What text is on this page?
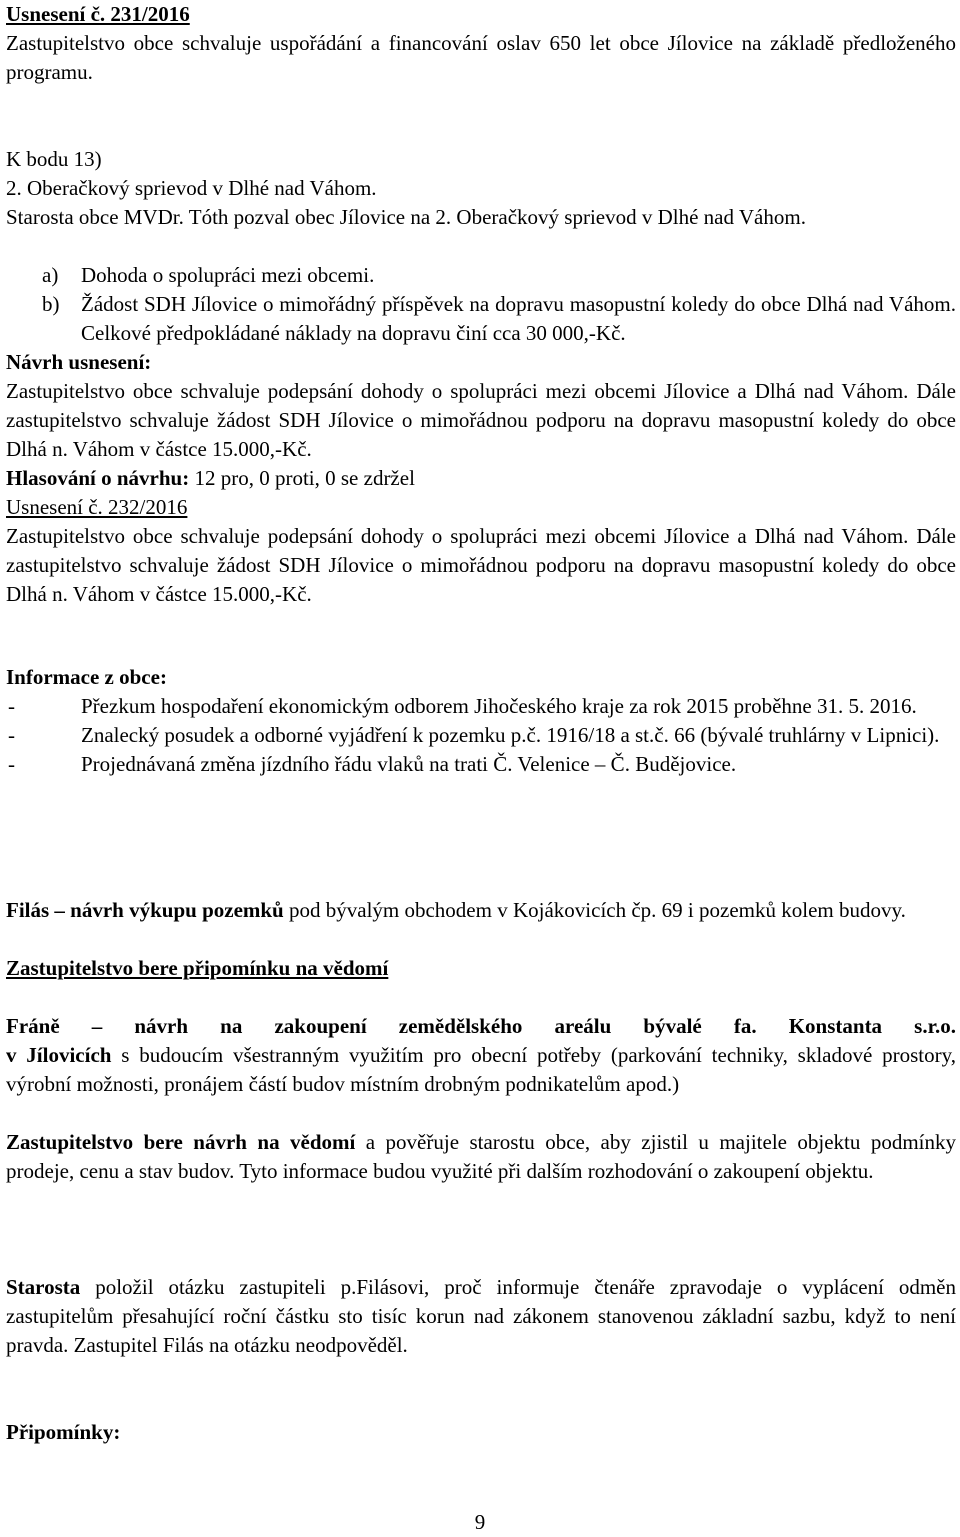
Usnesení č. 231/2016

Zastupitelstvo obce schvaluje uspořádání a financování oslav 650 let obce Jílovice na základě předloženého programu.

K bodu 13)

2. Oberačkový sprievod v Dlhé nad Váhom.

Starosta obce MVDr. Tóth pozval obec Jílovice na 2. Oberačkový sprievod v Dlhé nad Váhom.

a) Dohoda o spolupráci mezi obcemi.

b) Žádost SDH Jílovice o mimořádný příspěvek na dopravu masopustní koledy do obce Dlhá nad Váhom. Celkové předpokládané náklady na dopravu činí cca 30 000,-Kč.

Návrh usnesení:

Zastupitelstvo obce schvaluje podepsání dohody o spolupráci mezi obcemi Jílovice a Dlhá nad Váhom. Dále zastupitelstvo schvaluje žádost SDH Jílovice o mimořádnou podporu na dopravu masopustní koledy do obce Dlhá n. Váhom v částce 15.000,-Kč.

Hlasování o návrhu: 12 pro, 0 proti, 0 se zdržel

Usnesení č. 232/2016

Zastupitelstvo obce schvaluje podepsání dohody o spolupráci mezi obcemi Jílovice a Dlhá nad Váhom. Dále zastupitelstvo schvaluje žádost SDH Jílovice o mimořádnou podporu na dopravu masopustní koledy do obce Dlhá n. Váhom v částce 15.000,-Kč.

Informace z obce:

-	Přezkum hospodaření ekonomickým odborem Jihočeského kraje za rok 2015 proběhne 31. 5. 2016.

-	Znalecký posudek a odborné vyjádření k pozemku p.č. 1916/18 a st.č. 66 (bývalé truhlárny v Lipnici).

-	Projednávaná změna jízdního řádu vlaků na trati Č. Velenice – Č. Budějovice.

Filás – návrh výkupu pozemků pod bývalým obchodem v Kojákovicích čp. 69 i pozemků kolem budovy.

Zastupitelstvo bere připomínku na vědomí

Fráně – návrh na zakoupení zemědělského areálu bývalé fa. Konstanta s.r.o.

v Jílovicích s budoucím všestranným využitím pro obecní potřeby (parkování techniky, skladové prostory, výrobní možnosti, pronájem částí budov místním drobným podnikatelům apod.)

Zastupitelstvo bere návrh na vědomí a pověřuje starostu obce, aby zjistil u majitele objektu podmínky prodeje, cenu a stav budov. Tyto informace budou využité při dalším rozhodování o zakoupení objektu.

Starosta položil otázku zastupiteli p.Filásovi, proč informuje čtenáře zpravodaje o vyplácení odměn zastupitelům přesahující roční částku sto tisíc korun nad zákonem stanovenou základní sazbu, když to není pravda. Zastupitel Filás na otázku neodpověděl.

Připomínky:

9
